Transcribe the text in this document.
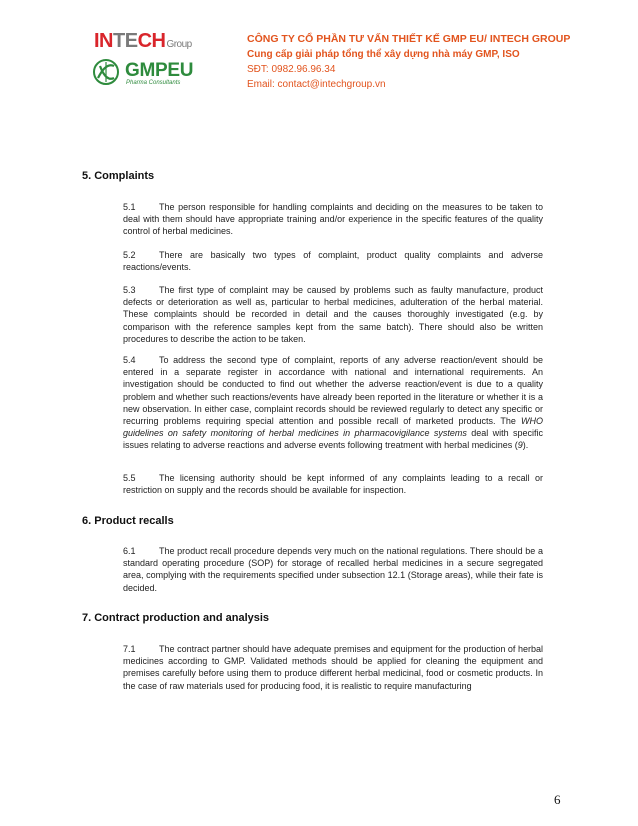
INTECHGroup
GMPEU
Pharma Consultants
CÔNG TY CỔ PHẦN TƯ VẤN THIẾT KẾ GMP EU/ INTECH GROUP
Cung cấp giải pháp tổng thể xây dựng nhà máy GMP, ISO
SĐT: 0982.96.96.34
Email: contact@intechgroup.vn
5. Complaints
5.1	The person responsible for handling complaints and deciding on the measures to be taken to deal with them should have appropriate training and/or experience in the specific features of the quality control of herbal medicines.
5.2	There are basically two types of complaint, product quality complaints and adverse reactions/events.
5.3	The first type of complaint may be caused by problems such as faulty manufacture, product defects or deterioration as well as, particular to herbal medicines, adulteration of the herbal material. These complaints should be recorded in detail and the causes thoroughly investigated (e.g. by comparison with the reference samples kept from the same batch). There should also be written procedures to describe the action to be taken.
5.4	To address the second type of complaint, reports of any adverse reaction/event should be entered in a separate register in accordance with national and international requirements. An investigation should be conducted to find out whether the adverse reaction/event is due to a quality problem and whether such reactions/events have already been reported in the literature or whether it is a new observation. In either case, complaint records should be reviewed regularly to detect any specific or recurring problems requiring special attention and possible recall of marketed products. The WHO guidelines on safety monitoring of herbal medicines in pharmacovigilance systems deal with specific issues relating to adverse reactions and adverse events following treatment with herbal medicines (9).
5.5	The licensing authority should be kept informed of any complaints leading to a recall or restriction on supply and the records should be available for inspection.
6. Product recalls
6.1	The product recall procedure depends very much on the national regulations. There should be a standard operating procedure (SOP) for storage of recalled herbal medicines in a secure segregated area, complying with the requirements specified under subsection 12.1 (Storage areas), while their fate is decided.
7. Contract production and analysis
7.1	The contract partner should have adequate premises and equipment for the production of herbal medicines according to GMP. Validated methods should be applied for cleaning the equipment and premises carefully before using them to produce different herbal medicinal, food or cosmetic products. In the case of raw materials used for producing food, it is realistic to require manufacturing
6
